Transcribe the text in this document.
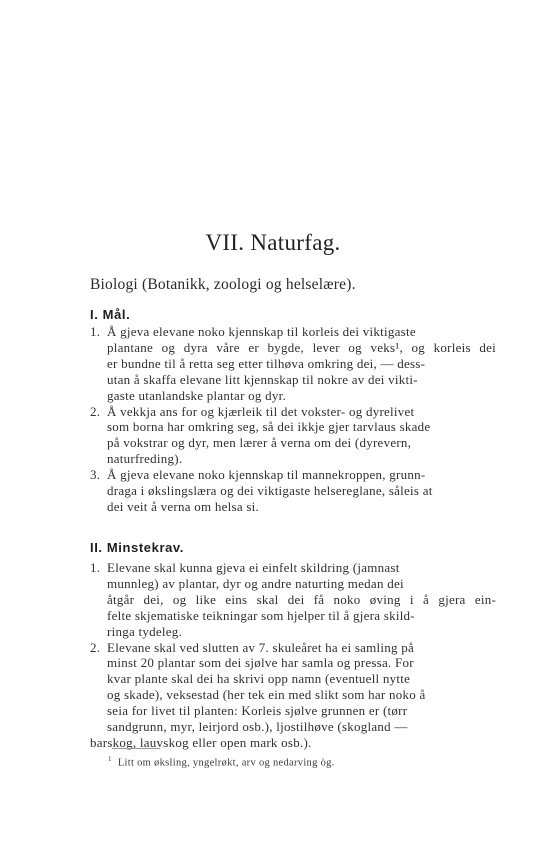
VII. Naturfag.
Biologi (Botanikk, zoologi og helselære).
I. Mål.
1. Å gjeva elevane noko kjennskap til korleis dei viktigaste
plantane og dyra våre er bygde, lever og veks¹, og korleis dei
er bundne til å retta seg etter tilhøva omkring dei, — dess-
utan å skaffa elevane litt kjennskap til nokre av dei vikti-
gaste utanlandske plantar og dyr.
2. Å vekkja ans for og kjærleik til det vokster- og dyrelivet
som borna har omkring seg, så dei ikkje gjer tarvlaus skade
på vokstrar og dyr, men lærer å verna om dei (dyrevern,
naturfreding).
3. Å gjeva elevane noko kjennskap til mannekroppen, grunn-
draga i økslingslæra og dei viktigaste helsereglane, såleis at
dei veit å verna om helsa si.
II. Minstekrav.
1. Elevane skal kunna gjeva ei einfelt skildring (jamnast
munnleg) av plantar, dyr og andre naturting medan dei
åtgår dei, og like eins skal dei få noko øving i å gjera ein-
felte skjematiske teikningar som hjelper til å gjera skild-
ringa tydeleg.
2. Elevane skal ved slutten av 7. skuleåret ha ei samling på
minst 20 plantar som dei sjølve har samla og pressa. For
kvar plante skal dei ha skrivi opp namn (eventuell nytte
og skade), veksestad (her tek ein med slikt som har noko å
seia for livet til planten: Korleis sjølve grunnen er (tørr
sandgrunn, myr, leirjord osb.), ljostilhøve (skogland —
barskog, lauvskog eller open mark osb.).
$^1$ Litt om øksling, yngelrøkt, arv og nedarving òg.
